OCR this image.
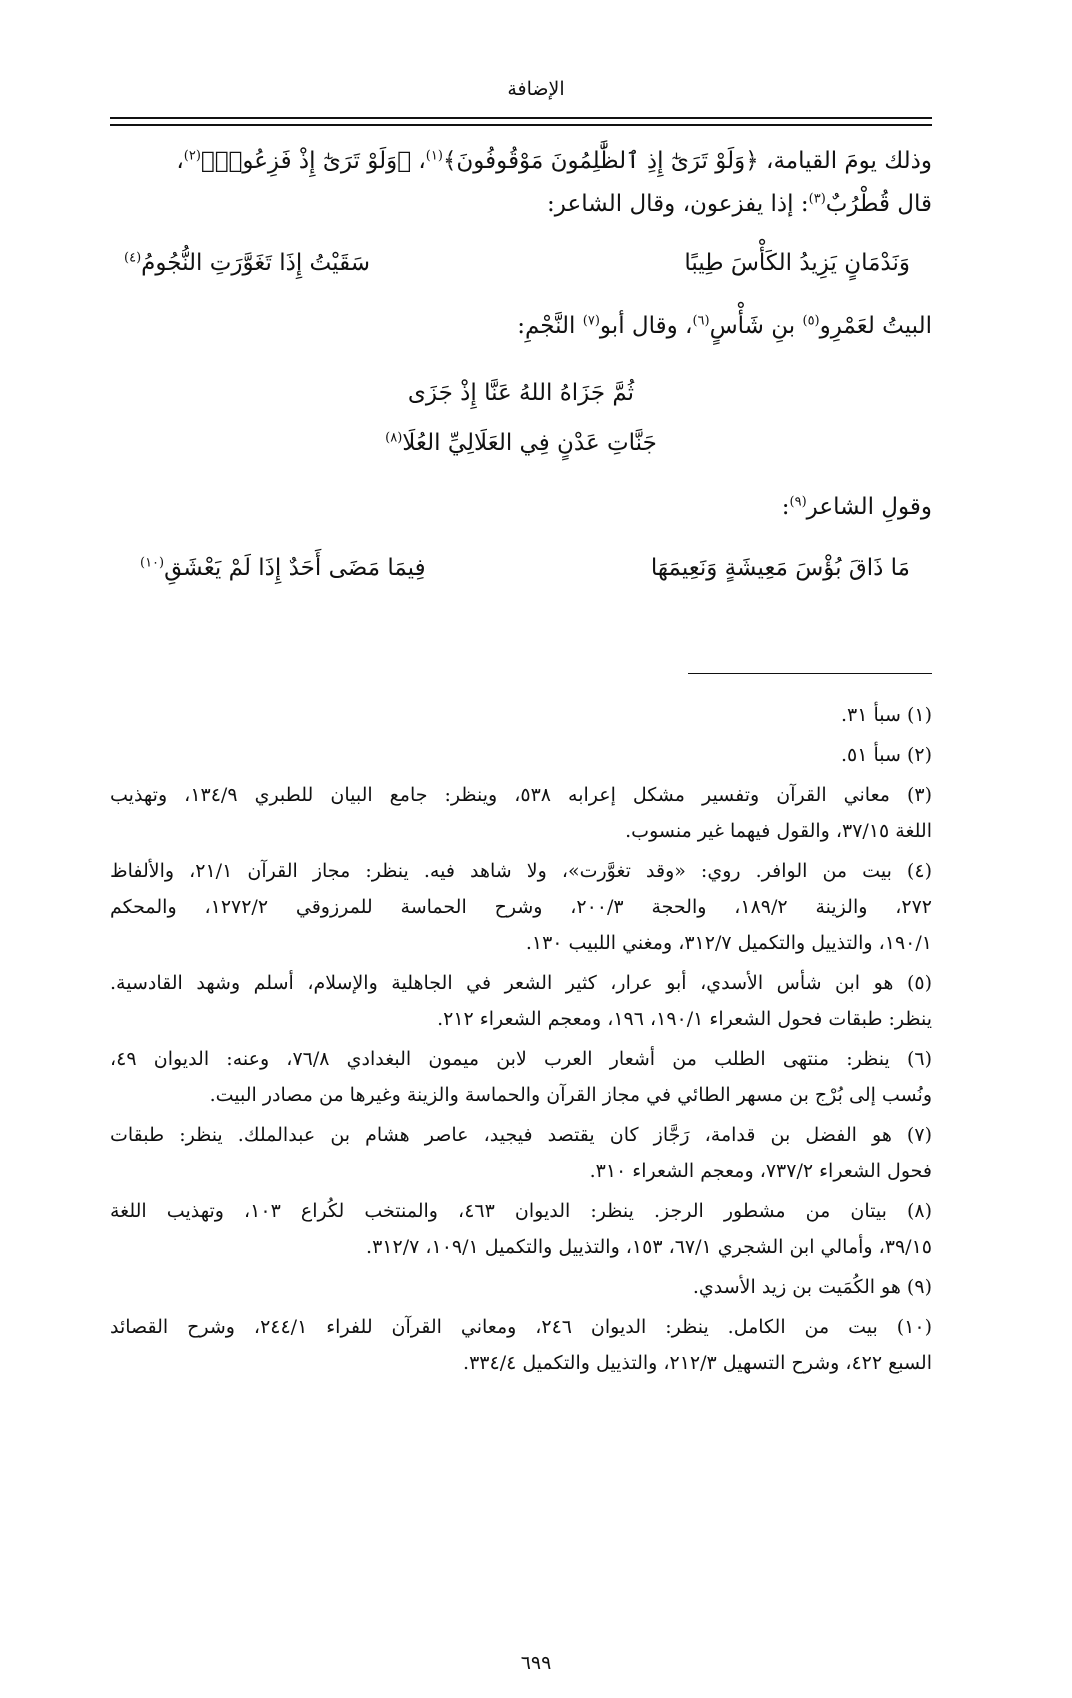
الإضافة
وذلك يومَ القيامة، ﴿وَلَوْ تَرَىٰٓ إِذِ ٱلظَّٰلِمُونَ مَوْقُوفُونَ﴾$^{(١)}$، ﴿وَلَوْ تَرَىٰٓ إِذْ فَزِعُوا۟﴾$^{(٢)}$،
قال قُطْرُبٌ$^{(٣)}$: إذا يفزعون، وقال الشاعر:
وَنَدْمَانٍ يَزِيدُ الكَأْسَ طِيبًا
سَقَيْتُ إِذَا تَغَوَّرَتِ النُّجُومُ$^{(٤)}$
البيتُ لعَمْرِو$^{(٥)}$ بنِ شَأْسٍ$^{(٦)}$، وقال أبو$^{(٧)}$ النَّجْمِ:
ثُمَّ جَزَاهُ اللهُ عَنَّا إِذْ جَزَى
جَنَّاتِ عَدْنٍ فِي العَلَالِيِّ العُلَا$^{(٨)}$
وقولِ الشاعر$^{(٩)}$:
مَا ذَاقَ بُؤْسَ مَعِيشَةٍ وَنَعِيمَهَا
فِيمَا مَضَى أَحَدٌ إِذَا لَمْ يَعْشَقِ$^{(١٠)}$
(١) سبأ ٣١.
(٢) سبأ ٥١.
(٣) معاني القرآن وتفسير مشكل إعرابه ٥٣٨، وينظر: جامع البيان للطبري ١٣٤/٩، وتهذيب
اللغة ٣٧/١٥، والقول فيهما غير منسوب.
(٤) بيت من الوافر. روي: «وقد تغوَّرت»، ولا شاهد فيه. ينظر: مجاز القرآن ٢١/١، والألفاظ
٢٧٢، والزينة ١٨٩/٢، والحجة ٢٠٠/٣، وشرح الحماسة للمرزوقي ١٢٧٢/٢، والمحكم
١٩٠/١، والتذييل والتكميل ٣١٢/٧، ومغني اللبيب ١٣٠.
(٥) هو ابن شأس الأسدي، أبو عرار، كثير الشعر في الجاهلية والإسلام، أسلم وشهد القادسية.
ينظر: طبقات فحول الشعراء ١٩٠/١، ١٩٦، ومعجم الشعراء ٢١٢.
(٦) ينظر: منتهى الطلب من أشعار العرب لابن ميمون البغدادي ٧٦/٨، وعنه: الديوان ٤٩،
ونُسب إلى بُرْج بن مسهر الطائي في مجاز القرآن والحماسة والزينة وغيرها من مصادر البيت.
(٧) هو الفضل بن قدامة، رَجَّاز كان يقتصد فيجيد، عاصر هشام بن عبدالملك. ينظر: طبقات
فحول الشعراء ٧٣٧/٢، ومعجم الشعراء ٣١٠.
(٨) بيتان من مشطور الرجز. ينظر: الديوان ٤٦٣، والمنتخب لكُراع ١٠٣، وتهذيب اللغة
٣٩/١٥، وأمالي ابن الشجري ٦٧/١، ١٥٣، والتذييل والتكميل ١٠٩/١، ٣١٢/٧.
(٩) هو الكُمَيت بن زيد الأسدي.
(١٠) بيت من الكامل. ينظر: الديوان ٢٤٦، ومعاني القرآن للفراء ٢٤٤/١، وشرح القصائد
السبع ٤٢٢، وشرح التسهيل ٢١٢/٣، والتذييل والتكميل ٣٣٤/٤.
٦٩٩
